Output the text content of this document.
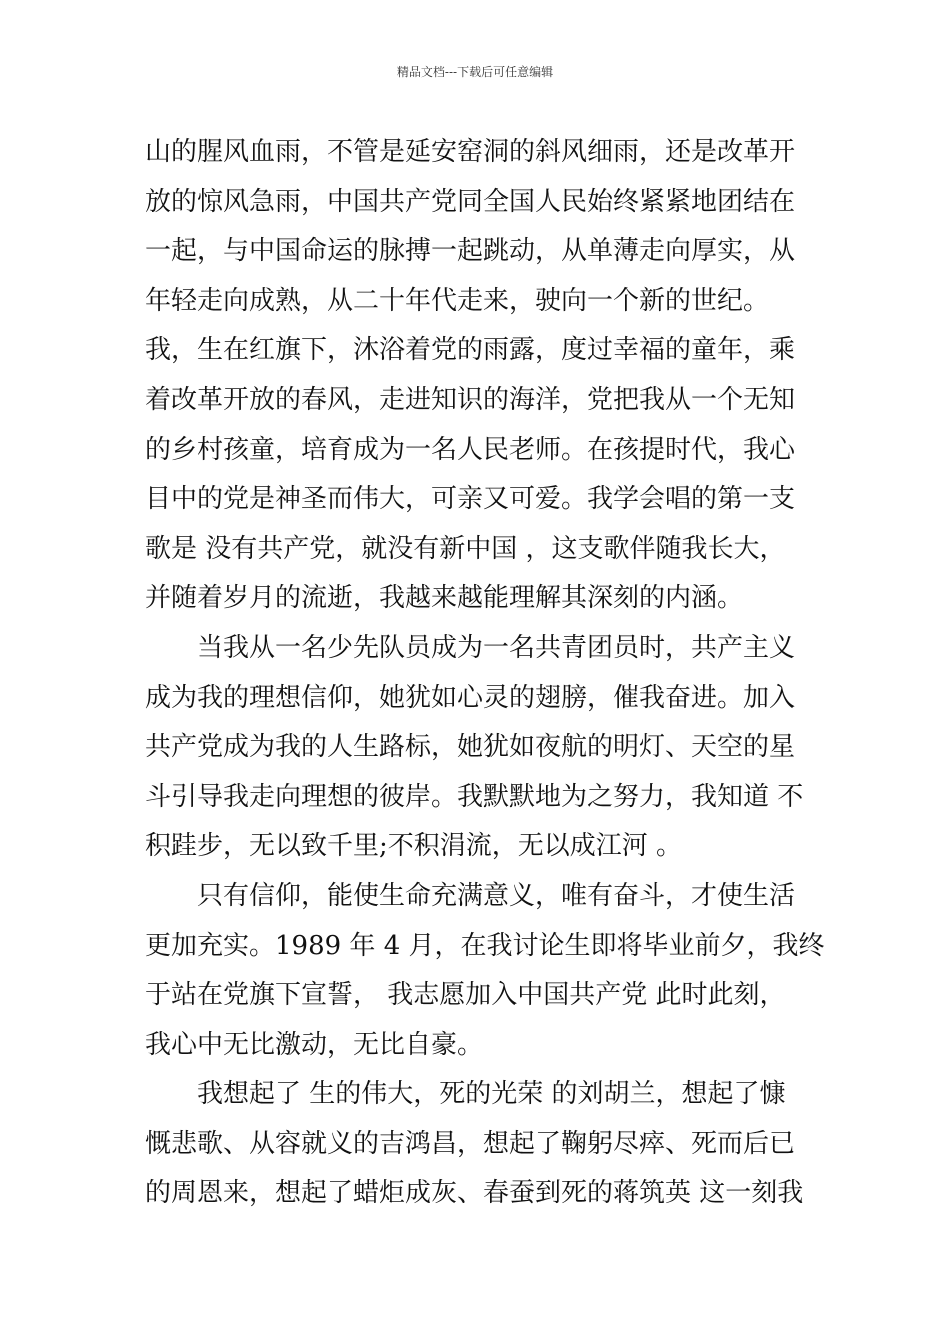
精品文档---下载后可任意编辑
山的腥风血雨，不管是延安窑洞的斜风细雨，还是改革开
放的惊风急雨，中国共产党同全国人民始终紧紧地团结在
一起，与中国命运的脉搏一起跳动，从单薄走向厚实，从
年轻走向成熟，从二十年代走来，驶向一个新的世纪。
我，生在红旗下，沐浴着党的雨露，度过幸福的童年，乘
着改革开放的春风，走进知识的海洋，党把我从一个无知
的乡村孩童，培育成为一名人民老师。在孩提时代，我心
目中的党是神圣而伟大，可亲又可爱。我学会唱的第一支
歌是 没有共产党，就没有新中国 ，这支歌伴随我长大，
并随着岁月的流逝，我越来越能理解其深刻的内涵。
当我从一名少先队员成为一名共青团员时，共产主义
成为我的理想信仰，她犹如心灵的翅膀，催我奋进。加入
共产党成为我的人生路标，她犹如夜航的明灯、天空的星
斗引导我走向理想的彼岸。我默默地为之努力，我知道 不
积跬步，无以致千里;不积涓流，无以成江河 。
只有信仰，能使生命充满意义，唯有奋斗，才使生活
更加充实。1989 年 4 月，在我讨论生即将毕业前夕，我终
于站在党旗下宣誓， 我志愿加入中国共产党 此时此刻，
我心中无比激动，无比自豪。
我想起了 生的伟大，死的光荣 的刘胡兰，想起了慷
慨悲歌、从容就义的吉鸿昌，想起了鞠躬尽瘁、死而后已
的周恩来，想起了蜡炬成灰、春蚕到死的蒋筑英 这一刻我
